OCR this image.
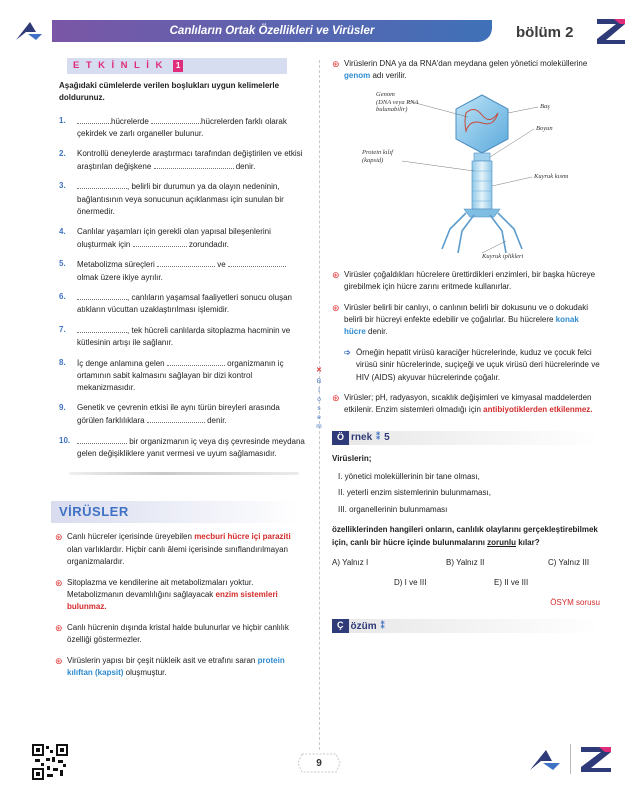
Canlıların Ortak Özellikleri ve Virüsler	bölüm 2
ETKİNLİK 1
Aşağıdaki cümlelerde verilen boşlukları uygun kelimelerle doldurunuz.
1.	hücrelerde	hücrelerden farklı olarak çekirdek ve zarlı organeller bulunur.
2.	Kontrollü deneylerde araştırmacı tarafından değiştirilen ve etkisi araştırılan değişkene	denir.
3.	, belirli bir durumun ya da olayın nedeninin, bağlantısının veya sonucunun açıklanması için sunulan bir önermedir.
4.	Canlılar yaşamları için gerekli olan yapısal bileşenlerini oluşturmak için	zorundadır.
5.	Metabolizma süreçleri	ve  olmak üzere ikiye ayrılır.
6.	, canlıların yaşamsal faaliyetleri sonucu oluşan atıkların vücuttan uzaklaştırılması işlemidir.
7.	, tek hücreli canlılarda sitoplazma hacminin ve kütlesinin artışı ile sağlanır.
8.	İç denge anlamına gelen	organizmanın iç ortamının sabit kalmasını sağlayan bir dizi kontrol mekanizmasıdır.
9.	Genetik ve çevrenin etkisi ile aynı türün bireyleri arasında görülen farklılıklara	denir.
10.	bir organizmanın iç veya dış çevresinde meydana gelen değişikliklere yanıt vermesi ve uyum sağlamasıdır.
VİRÜSLER
⊛ Canlı hücreler içerisinde üreyebilen mecburi hücre içi paraziti olan varlıklardır. Hiçbir canlı âlemi içerisinde sınıflandırılmayan organizmalardır.
⊛ Sitoplazma ve kendilerine ait metabolizmaları yoktur. Metabolizmanın devamlılığını sağlayacak enzim sistemleri bulunmaz.
⊛ Canlı hücrenin dışında kristal halde bulunurlar ve hiçbir canlılık özelliği göstermezler.
⊛ Virüslerin yapısı bir çeşit nükleik asit ve etrafını saran protein kılıftan (kapsit) oluşmuştur.
✕
B
i
o
s
e
m
⊛ Virüslerin DNA ya da RNA'dan meydana gelen yönetici moleküllerine genom adı verilir.
Genom
(DNA veya RNA
bulunabilir)
Baş
Boyun
Protein kılıf
(kapsid)
Kuyruk kısmı
Kuyruk iplikleri
⊛ Virüsler çoğaldıkları hücrelere ürettirdikleri enzimleri, bir başka hücreye girebilmek için hücre zarını eritmede kullanırlar.
⊛ Virüsler belirli bir canlıyı, o canlının belirli bir dokusunu ve o dokudaki belirli bir hücreyi enfekte edebilir ve çoğalırlar. Bu hücrelere konak hücre denir.
➩ Örneğin hepatit virüsü karaciğer hücrelerinde, kuduz ve çocuk felci virüsü sinir hücrelerinde, suçiçeği ve uçuk virüsü deri hücrelerinde ve HIV (AIDS) akyuvar hücrelerinde çoğalır.
⊛ Virüsler; pH, radyasyon, sıcaklık değişimleri ve kimyasal maddelerden etkilenir. Enzim sistemleri olmadığı için antibiyotiklerden etkilenmez.
Ö rnek ⁑ 5
Virüslerin;
I. yönetici moleküllerinin bir tane olması,
II. yeterli enzim sistemlerinin bulunmaması,
III. organellerinin bulunmaması
özelliklerinden hangileri onların, canlılık olaylarını gerçekleştirebilmek için, canlı bir hücre içinde bulunmalarını zorunlu kılar?
A) Yalnız I	B) Yalnız II	C) Yalnız III
D) I ve III	E) II ve III
ÖSYM sorusu
Ç özüm ⁑
9
